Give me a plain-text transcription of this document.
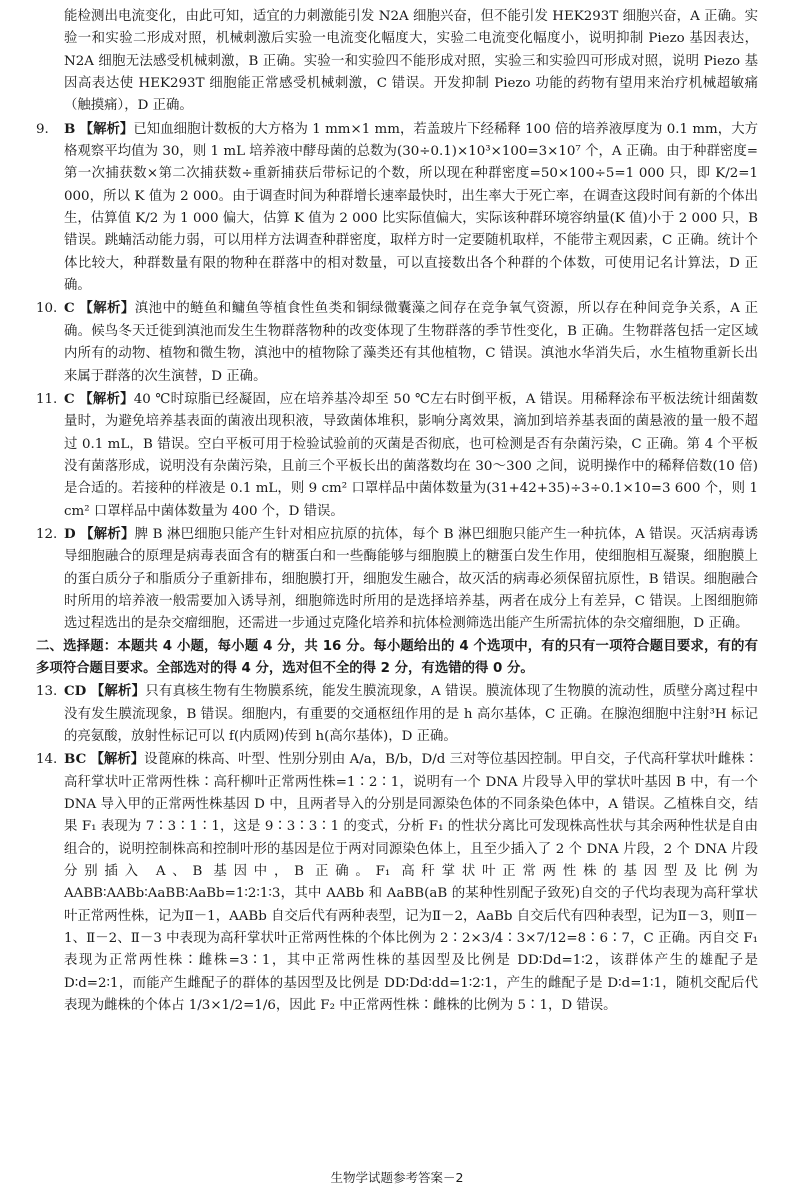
能检测出电流变化，由此可知，适宜的力刺激能引发 N2A 细胞兴奋，但不能引发 HEK293T 细胞兴奋，A 正确。实验一和实验二形成对照，机械刺激后实验一电流变化幅度大，实验二电流变化幅度小，说明抑制 Piezo 基因表达，N2A 细胞无法感受机械刺激，B 正确。实验一和实验四不能形成对照，实验三和实验四可形成对照，说明 Piezo 基因高表达使 HEK293T 细胞能正常感受机械刺激，C 错误。开发抑制 Piezo 功能的药物有望用来治疗机械超敏痛（触摸痛），D 正确。

9. B 【解析】已知血细胞计数板的大方格为 1 mm×1 mm，若盖玻片下经稀释 100 倍的培养液厚度为 0.1 mm，大方格观察平均值为 30，则 1 mL 培养液中酵母菌的总数为(30÷0.1)×10³×100=3×10⁷ 个，A 正确。由于种群密度=第一次捕获数×第二次捕获数÷重新捕获后带标记的个数，所以现在种群密度=50×100÷5=1 000 只，即 K/2=1 000，所以 K 值为 2 000。由于调查时间为种群增长速率最快时，出生率大于死亡率，在调查这段时间有新的个体出生，估算值 K/2 为 1 000 偏大，估算 K 值为 2 000 比实际值偏大，实际该种群环境容纳量(K 值)小于 2 000 只，B 错误。跳蝻活动能力弱，可以用样方法调查种群密度，取样方时一定要随机取样，不能带主观因素，C 正确。统计个体比较大，种群数量有限的物种在群落中的相对数量，可以直接数出各个种群的个体数，可使用记名计算法，D 正确。

10. C 【解析】滇池中的鲢鱼和鳙鱼等植食性鱼类和铜绿微囊藻之间存在竞争氧气资源，所以存在种间竞争关系，A 正确。候鸟冬天迁徙到滇池而发生生物群落物种的改变体现了生物群落的季节性变化，B 正确。生物群落包括一定区域内所有的动物、植物和微生物，滇池中的植物除了藻类还有其他植物，C 错误。滇池水华消失后，水生植物重新长出来属于群落的次生演替，D 正确。

11. C 【解析】40 ℃时琼脂已经凝固，应在培养基冷却至 50 ℃左右时倒平板，A 错误。用稀释涂布平板法统计细菌数量时，为避免培养基表面的菌液出现积液，导致菌体堆积，影响分离效果，滴加到培养基表面的菌悬液的量一般不超过 0.1 mL，B 错误。空白平板可用于检验试验前的灭菌是否彻底，也可检测是否有杂菌污染，C 正确。第 4 个平板没有菌落形成，说明没有杂菌污染，且前三个平板长出的菌落数均在 30～300 之间，说明操作中的稀释倍数(10 倍)是合适的。若接种的样液是 0.1 mL，则 9 cm² 口罩样品中菌体数量为(31+42+35)÷3÷0.1×10=3 600 个，则 1 cm² 口罩样品中菌体数量为 400 个，D 错误。

12. D 【解析】脾 B 淋巴细胞只能产生针对相应抗原的抗体，每个 B 淋巴细胞只能产生一种抗体，A 错误。灭活病毒诱导细胞融合的原理是病毒表面含有的糖蛋白和一些酶能够与细胞膜上的糖蛋白发生作用，使细胞相互凝聚，细胞膜上的蛋白质分子和脂质分子重新排布，细胞膜打开，细胞发生融合，故灭活的病毒必须保留抗原性，B 错误。细胞融合时所用的培养液一般需要加入诱导剂，细胞筛选时所用的是选择培养基，两者在成分上有差异，C 错误。上图细胞筛选过程选出的是杂交瘤细胞，还需进一步通过克隆化培养和抗体检测筛选出能产生所需抗体的杂交瘤细胞，D 正确。

二、选择题：本题共 4 小题，每小题 4 分，共 16 分。每小题给出的 4 个选项中，有的只有一项符合题目要求，有的有多项符合题目要求。全部选对的得 4 分，选对但不全的得 2 分，有选错的得 0 分。

13. CD 【解析】只有真核生物有生物膜系统，能发生膜流现象，A 错误。膜流体现了生物膜的流动性，质壁分离过程中没有发生膜流现象，B 错误。细胞内，有重要的交通枢纽作用的是 h 高尔基体，C 正确。在腺泡细胞中注射³H 标记的亮氨酸，放射性标记可以 f(内质网)传到 h(高尔基体)，D 正确。

14. BC 【解析】设蓖麻的株高、叶型、性别分别由 A/a，B/b，D/d 三对等位基因控制。甲自交，子代高秆掌状叶雌株∶高秆掌状叶正常两性株∶高秆柳叶正常两性株=1∶2∶1，说明有一个 DNA 片段导入甲的掌状叶基因 B 中，有一个 DNA 导入甲的正常两性株基因 D 中，且两者导入的分别是同源染色体的不同条染色体中，A 错误。乙植株自交，结果 F₁ 表现为 7∶3∶1∶1，这是 9∶3∶3∶1 的变式，分析 F₁ 的性状分离比可发现株高性状与其余两种性状是自由组合的，说明控制株高和控制叶形的基因是位于两对同源染色体上，且至少插入了 2 个 DNA 片段，2 个 DNA 片段分别插入 A、B 基因中，B 正确。F₁ 高秆掌状叶正常两性株的基因型及比例为 AABB∶AABb∶AaBB∶AaBb=1∶2∶1∶3，其中 AABb 和 AaBB(aB 的某种性别配子致死)自交的子代均表现为高秆掌状叶正常两性株，记为Ⅱ－1，AABb 自交后代有两种表型，记为Ⅱ－2，AaBb 自交后代有四种表型，记为Ⅱ－3，则Ⅱ－1、Ⅱ－2、Ⅱ－3 中表现为高秆掌状叶正常两性株的个体比例为 2∶2×3/4∶3×7/12=8∶6∶7，C 正确。丙自交 F₁ 表现为正常两性株∶雌株=3∶1，其中正常两性株的基因型及比例是 DD∶Dd=1∶2，该群体产生的雄配子是 D∶d=2∶1，而能产生雌配子的群体的基因型及比例是 DD∶Dd∶dd=1∶2∶1，产生的雌配子是 D∶d=1∶1，随机交配后代表现为雌株的个体占 1/3×1/2=1/6，因此 F₂ 中正常两性株∶雌株的比例为 5∶1，D 错误。

生物学试题参考答案－2
